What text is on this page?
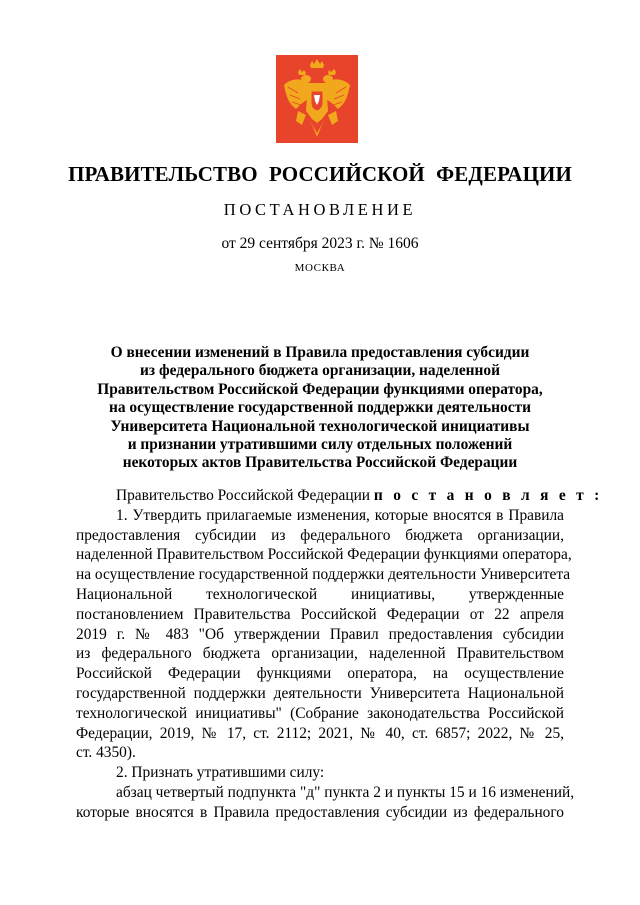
ПРАВИТЕЛЬСТВО РОССИЙСКОЙ ФЕДЕРАЦИИ
ПОСТАНОВЛЕНИЕ
от 29 сентября 2023 г. № 1606
МОСКВА
О внесении изменений в Правила предоставления субсидии
из федерального бюджета организации, наделенной
Правительством Российской Федерации функциями оператора,
на осуществление государственной поддержки деятельности
Университета Национальной технологической инициативы
и признании утратившими силу отдельных положений
некоторых актов Правительства Российской Федерации
Правительство Российской Федерации п о с т а н о в л я е т :
1. Утвердить прилагаемые изменения, которые вносятся в Правила
предоставления субсидии из федерального бюджета организации,
наделенной Правительством Российской Федерации функциями оператора,
на осуществление государственной поддержки деятельности Университета
Национальной технологической инициативы, утвержденные
постановлением Правительства Российской Федерации от 22 апреля
2019 г. № 483 "Об утверждении Правил предоставления субсидии
из федерального бюджета организации, наделенной Правительством
Российской Федерации функциями оператора, на осуществление
государственной поддержки деятельности Университета Национальной
технологической инициативы" (Собрание законодательства Российской
Федерации, 2019, № 17, ст. 2112; 2021, № 40, ст. 6857; 2022, № 25,
ст. 4350).
2. Признать утратившими силу:
абзац четвертый подпункта "д" пункта 2 и пункты 15 и 16 изменений,
которые вносятся в Правила предоставления субсидии из федерального
